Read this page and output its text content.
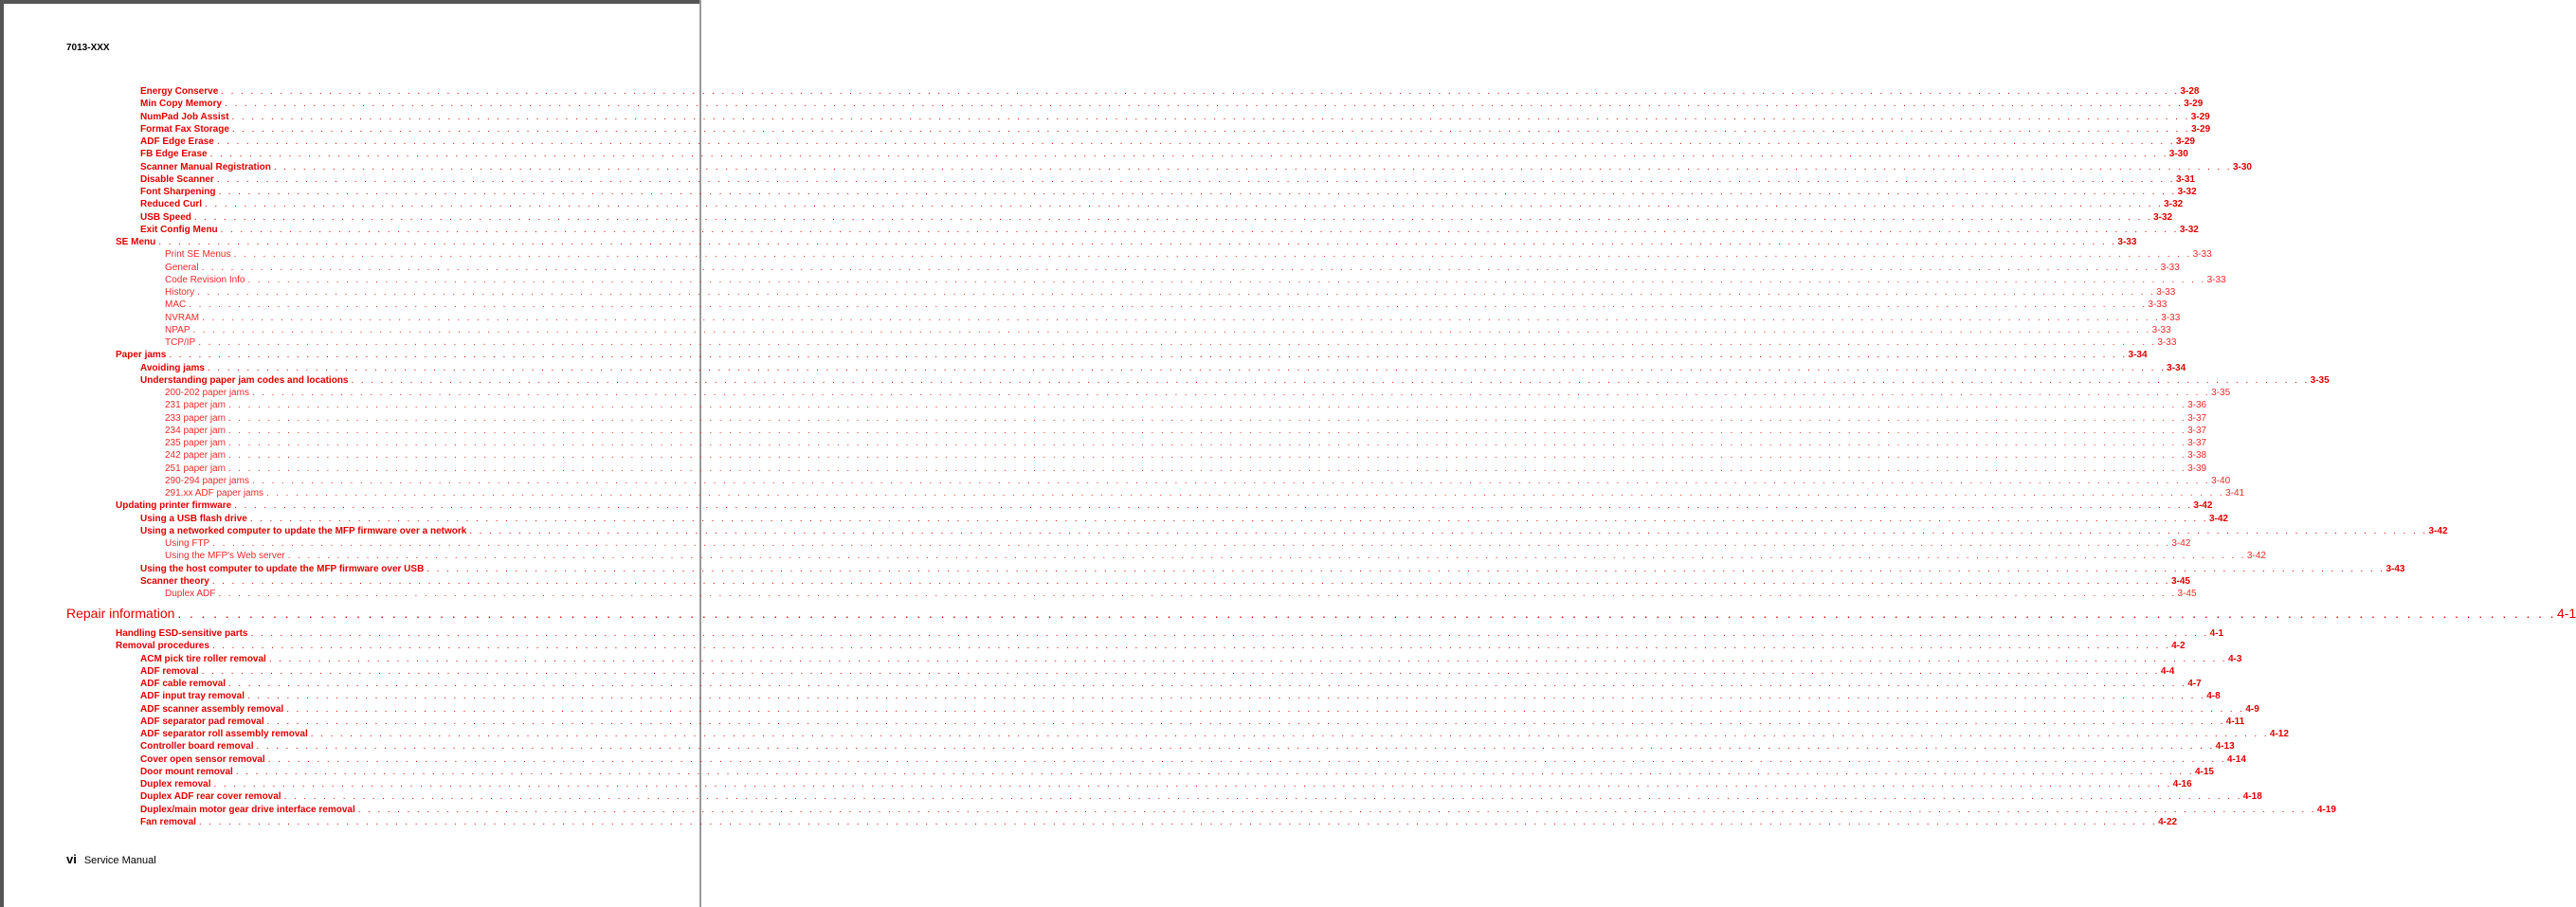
7013-XXX
Energy Conserve . . . . . . . . . . . . . . . . . . . . . . . . . . . . . . . . . . . . . . . . . . . . . . . . . . . . . . . . . . . . . . . . . . . . . . . . . . . . . . . . . . . . . . . . . . . . . . . . . . . . . . . . . . . . . . . . . . . . . . . . . . . . . . . . . . . . . . . . . . . . . . . . . . . . . . . . . . . . . . . . . . . . . . . . . . . . . . . . . . . . . . . . . . . . . . . . . . . . . . . . 3-28
Min Copy Memory . . . . . . . . . . . . . . . . . . . . . . . . . . . . . . . . . . . . . . . . . . . . . . . . . . . . . . . . . . . . . . . . . . . . . . . . . . . . . . . . . . . . . . . . . . . . . . . . . . . . . . . . . . . . . . . . . . . . . . . . . . . . . . . . . . . . . . . . . . . . . . . . . . . . . . . . . . . . . . . . . . . . . . . . . . . . . . . . . . . . . . . . . . . . . . . . . . . . . . . . 3-29
NumPad Job Assist . . . . . . . . . . . . . . . . . . . . . . . . . . . . . . . . . . . . . . . . . . . . . . . . . . . . . . . . . . . . . . . . . . . . . . . . . . . . . . . . . . . . . . . . . . . . . . . . . . . . . . . . . . . . . . . . . . . . . . . . . . . . . . . . . . . . . . . . . . . . . . . . . . . . . . . . . . . . . . . . . . . . . . . . . . . . . . . . . . . . . . . . . . . . . . . . . . . . . . . . 3-29
Format Fax Storage . . . . . . . . . . . . . . . . . . . . . . . . . . . . . . . . . . . . . . . . . . . . . . . . . . . . . . . . . . . . . . . . . . . . . . . . . . . . . . . . . . . . . . . . . . . . . . . . . . . . . . . . . . . . . . . . . . . . . . . . . . . . . . . . . . . . . . . . . . . . . . . . . . . . . . . . . . . . . . . . . . . . . . . . . . . . . . . . . . . . . . . . . . . . . . . . . . . . . . . . 3-29
ADF Edge Erase . . . . . . . . . . . . . . . . . . . . . . . . . . . . . . . . . . . . . . . . . . . . . . . . . . . . . . . . . . . . . . . . . . . . . . . . . . . . . . . . . . . . . . . . . . . . . . . . . . . . . . . . . . . . . . . . . . . . . . . . . . . . . . . . . . . . . . . . . . . . . . . . . . . . . . . . . . . . . . . . . . . . . . . . . . . . . . . . . . . . . . . . . . . . . . . . . . . . . . . . 3-29
FB Edge Erase . . . . . . . . . . . . . . . . . . . . . . . . . . . . . . . . . . . . . . . . . . . . . . . . . . . . . . . . . . . . . . . . . . . . . . . . . . . . . . . . . . . . . . . . . . . . . . . . . . . . . . . . . . . . . . . . . . . . . . . . . . . . . . . . . . . . . . . . . . . . . . . . . . . . . . . . . . . . . . . . . . . . . . . . . . . . . . . . . . . . . . . . . . . . . . . . . . . . . . . . 3-30
Scanner Manual Registration . . . . . . . . . . . . . . . . . . . . . . . . . . . . . . . . . . . . . . . . . . . . . . . . . . . . . . . . . . . . . . . . . . . . . . . . . . . . . . . . . . . . . . . . . . . . . . . . . . . . . . . . . . . . . . . . . . . . . . . . . . . . . . . . . . . . . . . . . . . . . . . . . . . . . . . . . . . . . . . . . . . . . . . . . . . . . . . . . . . . . . . . . . . . . . . . . . . . . . . . 3-30
Disable Scanner . . . . . . . . . . . . . . . . . . . . . . . . . . . . . . . . . . . . . . . . . . . . . . . . . . . . . . . . . . . . . . . . . . . . . . . . . . . . . . . . . . . . . . . . . . . . . . . . . . . . . . . . . . . . . . . . . . . . . . . . . . . . . . . . . . . . . . . . . . . . . . . . . . . . . . . . . . . . . . . . . . . . . . . . . . . . . . . . . . . . . . . . . . . . . . . . . . . . . . . . 3-31
Font Sharpening . . . . . . . . . . . . . . . . . . . . . . . . . . . . . . . . . . . . . . . . . . . . . . . . . . . . . . . . . . . . . . . . . . . . . . . . . . . . . . . . . . . . . . . . . . . . . . . . . . . . . . . . . . . . . . . . . . . . . . . . . . . . . . . . . . . . . . . . . . . . . . . . . . . . . . . . . . . . . . . . . . . . . . . . . . . . . . . . . . . . . . . . . . . . . . . . . . . . . . . . 3-32
Reduced Curl . . . . . . . . . . . . . . . . . . . . . . . . . . . . . . . . . . . . . . . . . . . . . . . . . . . . . . . . . . . . . . . . . . . . . . . . . . . . . . . . . . . . . . . . . . . . . . . . . . . . . . . . . . . . . . . . . . . . . . . . . . . . . . . . . . . . . . . . . . . . . . . . . . . . . . . . . . . . . . . . . . . . . . . . . . . . . . . . . . . . . . . . . . . . . . . . . . . . . . . . 3-32
USB Speed . . . . . . . . . . . . . . . . . . . . . . . . . . . . . . . . . . . . . . . . . . . . . . . . . . . . . . . . . . . . . . . . . . . . . . . . . . . . . . . . . . . . . . . . . . . . . . . . . . . . . . . . . . . . . . . . . . . . . . . . . . . . . . . . . . . . . . . . . . . . . . . . . . . . . . . . . . . . . . . . . . . . . . . . . . . . . . . . . . . . . . . . . . . . . . . . . . . . . . . . 3-32
Exit Config Menu . . . . . . . . . . . . . . . . . . . . . . . . . . . . . . . . . . . . . . . . . . . . . . . . . . . . . . . . . . . . . . . . . . . . . . . . . . . . . . . . . . . . . . . . . . . . . . . . . . . . . . . . . . . . . . . . . . . . . . . . . . . . . . . . . . . . . . . . . . . . . . . . . . . . . . . . . . . . . . . . . . . . . . . . . . . . . . . . . . . . . . . . . . . . . . . . . . . . . . . . 3-32
SE Menu . . . . . . . . . . . . . . . . . . . . . . . . . . . . . . . . . . . . . . . . . . . . . . . . . . . . . . . . . . . . . . . . . . . . . . . . . . . . . . . . . . . . . . . . . . . . . . . . . . . . . . . . . . . . . . . . . . . . . . . . . . . . . . . . . . . . . . . . . . . . . . . . . . . . . . . . . . . . . . . . . . . . . . . . . . . . . . . . . . . . . . . . . . . . . . . . . . . . . . . . 3-33
Print SE Menus . . . . . . . . . . . . . . . . . . . . . . . . . . . . . . . . . . . . . . . . . . . . . . . . . . . . . . . . . . . . . . . . . . . . . . . . . . . . . . . . . . . . . . . . . . . . . . . . . . . . . . . . . . . . . . . . . . . . . . . . . . . . . . . . . . . . . . . . . . . . . . . . . . . . . . . . . . . . . . . . . . . . . . . . . . . . . . . . . . . . . . . . . . . . . . . . . . . . . . . . 3-33
General . . . . . . . . . . . . . . . . . . . . . . . . . . . . . . . . . . . . . . . . . . . . . . . . . . . . . . . . . . . . . . . . . . . . . . . . . . . . . . . . . . . . . . . . . . . . . . . . . . . . . . . . . . . . . . . . . . . . . . . . . . . . . . . . . . . . . . . . . . . . . . . . . . . . . . . . . . . . . . . . . . . . . . . . . . . . . . . . . . . . . . . . . . . . . . . . . . . . . . . . 3-33
Code Revision Info . . . . . . . . . . . . . . . . . . . . . . . . . . . . . . . . . . . . . . . . . . . . . . . . . . . . . . . . . . . . . . . . . . . . . . . . . . . . . . . . . . . . . . . . . . . . . . . . . . . . . . . . . . . . . . . . . . . . . . . . . . . . . . . . . . . . . . . . . . . . . . . . . . . . . . . . . . . . . . . . . . . . . . . . . . . . . . . . . . . . . . . . . . . . . . . . . . . . . . . . 3-33
History . . . . . . . . . . . . . . . . . . . . . . . . . . . . . . . . . . . . . . . . . . . . . . . . . . . . . . . . . . . . . . . . . . . . . . . . . . . . . . . . . . . . . . . . . . . . . . . . . . . . . . . . . . . . . . . . . . . . . . . . . . . . . . . . . . . . . . . . . . . . . . . . . . . . . . . . . . . . . . . . . . . . . . . . . . . . . . . . . . . . . . . . . . . . . . . . . . . . . . . . 3-33
MAC . . . . . . . . . . . . . . . . . . . . . . . . . . . . . . . . . . . . . . . . . . . . . . . . . . . . . . . . . . . . . . . . . . . . . . . . . . . . . . . . . . . . . . . . . . . . . . . . . . . . . . . . . . . . . . . . . . . . . . . . . . . . . . . . . . . . . . . . . . . . . . . . . . . . . . . . . . . . . . . . . . . . . . . . . . . . . . . . . . . . . . . . . . . . . . . . . . . . . . . . 3-33
NVRAM . . . . . . . . . . . . . . . . . . . . . . . . . . . . . . . . . . . . . . . . . . . . . . . . . . . . . . . . . . . . . . . . . . . . . . . . . . . . . . . . . . . . . . . . . . . . . . . . . . . . . . . . . . . . . . . . . . . . . . . . . . . . . . . . . . . . . . . . . . . . . . . . . . . . . . . . . . . . . . . . . . . . . . . . . . . . . . . . . . . . . . . . . . . . . . . . . . . . . . . . 3-33
NPAP . . . . . . . . . . . . . . . . . . . . . . . . . . . . . . . . . . . . . . . . . . . . . . . . . . . . . . . . . . . . . . . . . . . . . . . . . . . . . . . . . . . . . . . . . . . . . . . . . . . . . . . . . . . . . . . . . . . . . . . . . . . . . . . . . . . . . . . . . . . . . . . . . . . . . . . . . . . . . . . . . . . . . . . . . . . . . . . . . . . . . . . . . . . . . . . . . . . . . . . . 3-33
TCP/IP . . . . . . . . . . . . . . . . . . . . . . . . . . . . . . . . . . . . . . . . . . . . . . . . . . . . . . . . . . . . . . . . . . . . . . . . . . . . . . . . . . . . . . . . . . . . . . . . . . . . . . . . . . . . . . . . . . . . . . . . . . . . . . . . . . . . . . . . . . . . . . . . . . . . . . . . . . . . . . . . . . . . . . . . . . . . . . . . . . . . . . . . . . . . . . . . . . . . . . . . 3-33
Paper jams . . . . . . . . . . . . . . . . . . . . . . . . . . . . . . . . . . . . . . . . . . . . . . . . . . . . . . . . . . . . . . . . . . . . . . . . . . . . . . . . . . . . . . . . . . . . . . . . . . . . . . . . . . . . . . . . . . . . . . . . . . . . . . . . . . . . . . . . . . . . . . . . . . . . . . . . . . . . . . . . . . . . . . . . . . . . . . . . . . . . . . . . . . . . . . . . . . . . . . . . 3-34
Avoiding jams . . . . . . . . . . . . . . . . . . . . . . . . . . . . . . . . . . . . . . . . . . . . . . . . . . . . . . . . . . . . . . . . . . . . . . . . . . . . . . . . . . . . . . . . . . . . . . . . . . . . . . . . . . . . . . . . . . . . . . . . . . . . . . . . . . . . . . . . . . . . . . . . . . . . . . . . . . . . . . . . . . . . . . . . . . . . . . . . . . . . . . . . . . . . . . . . . . . . . . . . 3-34
Understanding paper jam codes and locations . . . . . . . . . . . . . . . . . . . . . . . . . . . . . . . . . . . . . . . . . . . . . . . . . . . . . . . . . . . . . . . . . . . . . . . . . . . . . . . . . . . . . . . . . . . . . . . . . . . . . . . . . . . . . . . . . . . . . . . . . . . . . . . . . . . . . . . . . . . . . . . . . . . . . . . . . . . . . . . . . . . . . . . . . . . . . . . . . . . . . . . . . . . . . . . . . . . . . . . . 3-35
200-202 paper jams . . . . . . . . . . . . . . . . . . . . . . . . . . . . . . . . . . . . . . . . . . . . . . . . . . . . . . . . . . . . . . . . . . . . . . . . . . . . . . . . . . . . . . . . . . . . . . . . . . . . . . . . . . . . . . . . . . . . . . . . . . . . . . . . . . . . . . . . . . . . . . . . . . . . . . . . . . . . . . . . . . . . . . . . . . . . . . . . . . . . . . . . . . . . . . . . . . . . . . . . 3-35
231 paper jam . . . . . . . . . . . . . . . . . . . . . . . . . . . . . . . . . . . . . . . . . . . . . . . . . . . . . . . . . . . . . . . . . . . . . . . . . . . . . . . . . . . . . . . . . . . . . . . . . . . . . . . . . . . . . . . . . . . . . . . . . . . . . . . . . . . . . . . . . . . . . . . . . . . . . . . . . . . . . . . . . . . . . . . . . . . . . . . . . . . . . . . . . . . . . . . . . . . . . . . . 3-36
233 paper jam . . . . . . . . . . . . . . . . . . . . . . . . . . . . . . . . . . . . . . . . . . . . . . . . . . . . . . . . . . . . . . . . . . . . . . . . . . . . . . . . . . . . . . . . . . . . . . . . . . . . . . . . . . . . . . . . . . . . . . . . . . . . . . . . . . . . . . . . . . . . . . . . . . . . . . . . . . . . . . . . . . . . . . . . . . . . . . . . . . . . . . . . . . . . . . . . . . . . . . . . 3-37
234 paper jam . . . . . . . . . . . . . . . . . . . . . . . . . . . . . . . . . . . . . . . . . . . . . . . . . . . . . . . . . . . . . . . . . . . . . . . . . . . . . . . . . . . . . . . . . . . . . . . . . . . . . . . . . . . . . . . . . . . . . . . . . . . . . . . . . . . . . . . . . . . . . . . . . . . . . . . . . . . . . . . . . . . . . . . . . . . . . . . . . . . . . . . . . . . . . . . . . . . . . . . . 3-37
235 paper jam . . . . . . . . . . . . . . . . . . . . . . . . . . . . . . . . . . . . . . . . . . . . . . . . . . . . . . . . . . . . . . . . . . . . . . . . . . . . . . . . . . . . . . . . . . . . . . . . . . . . . . . . . . . . . . . . . . . . . . . . . . . . . . . . . . . . . . . . . . . . . . . . . . . . . . . . . . . . . . . . . . . . . . . . . . . . . . . . . . . . . . . . . . . . . . . . . . . . . . . . 3-37
242 paper jam . . . . . . . . . . . . . . . . . . . . . . . . . . . . . . . . . . . . . . . . . . . . . . . . . . . . . . . . . . . . . . . . . . . . . . . . . . . . . . . . . . . . . . . . . . . . . . . . . . . . . . . . . . . . . . . . . . . . . . . . . . . . . . . . . . . . . . . . . . . . . . . . . . . . . . . . . . . . . . . . . . . . . . . . . . . . . . . . . . . . . . . . . . . . . . . . . . . . . . . . 3-38
251 paper jam . . . . . . . . . . . . . . . . . . . . . . . . . . . . . . . . . . . . . . . . . . . . . . . . . . . . . . . . . . . . . . . . . . . . . . . . . . . . . . . . . . . . . . . . . . . . . . . . . . . . . . . . . . . . . . . . . . . . . . . . . . . . . . . . . . . . . . . . . . . . . . . . . . . . . . . . . . . . . . . . . . . . . . . . . . . . . . . . . . . . . . . . . . . . . . . . . . . . . . . . 3-39
290-294 paper jams . . . . . . . . . . . . . . . . . . . . . . . . . . . . . . . . . . . . . . . . . . . . . . . . . . . . . . . . . . . . . . . . . . . . . . . . . . . . . . . . . . . . . . . . . . . . . . . . . . . . . . . . . . . . . . . . . . . . . . . . . . . . . . . . . . . . . . . . . . . . . . . . . . . . . . . . . . . . . . . . . . . . . . . . . . . . . . . . . . . . . . . . . . . . . . . . . . . . . . . . 3-40
291.xx ADF paper jams . . . . . . . . . . . . . . . . . . . . . . . . . . . . . . . . . . . . . . . . . . . . . . . . . . . . . . . . . . . . . . . . . . . . . . . . . . . . . . . . . . . . . . . . . . . . . . . . . . . . . . . . . . . . . . . . . . . . . . . . . . . . . . . . . . . . . . . . . . . . . . . . . . . . . . . . . . . . . . . . . . . . . . . . . . . . . . . . . . . . . . . . . . . . . . . . . . . . . . . . 3-41
Updating printer firmware . . . . . . . . . . . . . . . . . . . . . . . . . . . . . . . . . . . . . . . . . . . . . . . . . . . . . . . . . . . . . . . . . . . . . . . . . . . . . . . . . . . . . . . . . . . . . . . . . . . . . . . . . . . . . . . . . . . . . . . . . . . . . . . . . . . . . . . . . . . . . . . . . . . . . . . . . . . . . . . . . . . . . . . . . . . . . . . . . . . . . . . . . . . . . . . . . . . . . . . . 3-42
Using a USB flash drive . . . . . . . . . . . . . . . . . . . . . . . . . . . . . . . . . . . . . . . . . . . . . . . . . . . . . . . . . . . . . . . . . . . . . . . . . . . . . . . . . . . . . . . . . . . . . . . . . . . . . . . . . . . . . . . . . . . . . . . . . . . . . . . . . . . . . . . . . . . . . . . . . . . . . . . . . . . . . . . . . . . . . . . . . . . . . . . . . . . . . . . . . . . . . . . . . . . . . . . . 3-42
Using a networked computer to update the MFP firmware over a network . . . . . . . . . . . . . . . . . . . . . . . . . . . . . . . . . . . . . . . . . . . . . . . . . . . . . . . . . . . . . . . . . . . . . . . . . . . . . . . . . . . . . . . . . . . . . . . . . . . . . . . . . . . . . . . . . . . . . . . . . . . . . . . . . . . . . . . . . . . . . . . . . . . . . . . . . . . . . . . . . . . . . . . . . . . . . . . . . . . . . . . . . . . . . . . . . . . . . . . . 3-42
Using FTP . . . . . . . . . . . . . . . . . . . . . . . . . . . . . . . . . . . . . . . . . . . . . . . . . . . . . . . . . . . . . . . . . . . . . . . . . . . . . . . . . . . . . . . . . . . . . . . . . . . . . . . . . . . . . . . . . . . . . . . . . . . . . . . . . . . . . . . . . . . . . . . . . . . . . . . . . . . . . . . . . . . . . . . . . . . . . . . . . . . . . . . . . . . . . . . . . . . . . . . . 3-42
Using the MFP's Web server . . . . . . . . . . . . . . . . . . . . . . . . . . . . . . . . . . . . . . . . . . . . . . . . . . . . . . . . . . . . . . . . . . . . . . . . . . . . . . . . . . . . . . . . . . . . . . . . . . . . . . . . . . . . . . . . . . . . . . . . . . . . . . . . . . . . . . . . . . . . . . . . . . . . . . . . . . . . . . . . . . . . . . . . . . . . . . . . . . . . . . . . . . . . . . . . . . . . . . . . 3-42
Using the host computer to update the MFP firmware over USB . . . . . . . . . . . . . . . . . . . . . . . . . . . . . . . . . . . . . . . . . . . . . . . . . . . . . . . . . . . . . . . . . . . . . . . . . . . . . . . . . . . . . . . . . . . . . . . . . . . . . . . . . . . . . . . . . . . . . . . . . . . . . . . . . . . . . . . . . . . . . . . . . . . . . . . . . . . . . . . . . . . . . . . . . . . . . . . . . . . . . . . . . . . . . . . . . . . . . . . . 3-43
Scanner theory . . . . . . . . . . . . . . . . . . . . . . . . . . . . . . . . . . . . . . . . . . . . . . . . . . . . . . . . . . . . . . . . . . . . . . . . . . . . . . . . . . . . . . . . . . . . . . . . . . . . . . . . . . . . . . . . . . . . . . . . . . . . . . . . . . . . . . . . . . . . . . . . . . . . . . . . . . . . . . . . . . . . . . . . . . . . . . . . . . . . . . . . . . . . . . . . . . . . . . . . 3-45
Duplex ADF . . . . . . . . . . . . . . . . . . . . . . . . . . . . . . . . . . . . . . . . . . . . . . . . . . . . . . . . . . . . . . . . . . . . . . . . . . . . . . . . . . . . . . . . . . . . . . . . . . . . . . . . . . . . . . . . . . . . . . . . . . . . . . . . . . . . . . . . . . . . . . . . . . . . . . . . . . . . . . . . . . . . . . . . . . . . . . . . . . . . . . . . . . . . . . . . . . . . . . . . 3-45
Repair information . . . . . . . . . . . . . . . . . . . . . . . . . . . . . . . . . . . . . . . . . . . . . . . . . . . . . . . . . . . . . . . . . . . . . . . . . . . . . . . . . . . . . . . . . . . . . . . . . . . . . . . . . . . . . . . . . . . . . . . . . . . . . . . . . . . . . . . . . . . . . . . . . . . . . . . . . . . . . . . . . . . . . . . . . . . . . . . . . . . . . . . . . . . . . . . . . . . . . . . . 4-1
Handling ESD-sensitive parts . . . . . . . . . . . . . . . . . . . . . . . . . . . . . . . . . . . . . . . . . . . . . . . . . . . . . . . . . . . . . . . . . . . . . . . . . . . . . . . . . . . . . . . . . . . . . . . . . . . . . . . . . . . . . . . . . . . . . . . . . . . . . . . . . . . . . . . . . . . . . . . . . . . . . . . . . . . . . . . . . . . . . . . . . . . . . . . . . . . . . . . . . . . . . . . . . . . . . . . . 4-1
Removal procedures . . . . . . . . . . . . . . . . . . . . . . . . . . . . . . . . . . . . . . . . . . . . . . . . . . . . . . . . . . . . . . . . . . . . . . . . . . . . . . . . . . . . . . . . . . . . . . . . . . . . . . . . . . . . . . . . . . . . . . . . . . . . . . . . . . . . . . . . . . . . . . . . . . . . . . . . . . . . . . . . . . . . . . . . . . . . . . . . . . . . . . . . . . . . . . . . . . . . . . . . 4-2
ACM pick tire roller removal . . . . . . . . . . . . . . . . . . . . . . . . . . . . . . . . . . . . . . . . . . . . . . . . . . . . . . . . . . . . . . . . . . . . . . . . . . . . . . . . . . . . . . . . . . . . . . . . . . . . . . . . . . . . . . . . . . . . . . . . . . . . . . . . . . . . . . . . . . . . . . . . . . . . . . . . . . . . . . . . . . . . . . . . . . . . . . . . . . . . . . . . . . . . . . . . . . . . . . . . 4-3
ADF removal . . . . . . . . . . . . . . . . . . . . . . . . . . . . . . . . . . . . . . . . . . . . . . . . . . . . . . . . . . . . . . . . . . . . . . . . . . . . . . . . . . . . . . . . . . . . . . . . . . . . . . . . . . . . . . . . . . . . . . . . . . . . . . . . . . . . . . . . . . . . . . . . . . . . . . . . . . . . . . . . . . . . . . . . . . . . . . . . . . . . . . . . . . . . . . . . . . . . . . . . 4-4
ADF cable removal . . . . . . . . . . . . . . . . . . . . . . . . . . . . . . . . . . . . . . . . . . . . . . . . . . . . . . . . . . . . . . . . . . . . . . . . . . . . . . . . . . . . . . . . . . . . . . . . . . . . . . . . . . . . . . . . . . . . . . . . . . . . . . . . . . . . . . . . . . . . . . . . . . . . . . . . . . . . . . . . . . . . . . . . . . . . . . . . . . . . . . . . . . . . . . . . . . . . . . . . 4-7
ADF input tray removal . . . . . . . . . . . . . . . . . . . . . . . . . . . . . . . . . . . . . . . . . . . . . . . . . . . . . . . . . . . . . . . . . . . . . . . . . . . . . . . . . . . . . . . . . . . . . . . . . . . . . . . . . . . . . . . . . . . . . . . . . . . . . . . . . . . . . . . . . . . . . . . . . . . . . . . . . . . . . . . . . . . . . . . . . . . . . . . . . . . . . . . . . . . . . . . . . . . . . . . . 4-8
ADF scanner assembly removal . . . . . . . . . . . . . . . . . . . . . . . . . . . . . . . . . . . . . . . . . . . . . . . . . . . . . . . . . . . . . . . . . . . . . . . . . . . . . . . . . . . . . . . . . . . . . . . . . . . . . . . . . . . . . . . . . . . . . . . . . . . . . . . . . . . . . . . . . . . . . . . . . . . . . . . . . . . . . . . . . . . . . . . . . . . . . . . . . . . . . . . . . . . . . . . . . . . . . . . . 4-9
ADF separator pad removal . . . . . . . . . . . . . . . . . . . . . . . . . . . . . . . . . . . . . . . . . . . . . . . . . . . . . . . . . . . . . . . . . . . . . . . . . . . . . . . . . . . . . . . . . . . . . . . . . . . . . . . . . . . . . . . . . . . . . . . . . . . . . . . . . . . . . . . . . . . . . . . . . . . . . . . . . . . . . . . . . . . . . . . . . . . . . . . . . . . . . . . . . . . . . . . . . . . . . . . . 4-11
ADF separator roll assembly removal . . . . . . . . . . . . . . . . . . . . . . . . . . . . . . . . . . . . . . . . . . . . . . . . . . . . . . . . . . . . . . . . . . . . . . . . . . . . . . . . . . . . . . . . . . . . . . . . . . . . . . . . . . . . . . . . . . . . . . . . . . . . . . . . . . . . . . . . . . . . . . . . . . . . . . . . . . . . . . . . . . . . . . . . . . . . . . . . . . . . . . . . . . . . . . . . . . . . . . . . 4-12
Controller board removal . . . . . . . . . . . . . . . . . . . . . . . . . . . . . . . . . . . . . . . . . . . . . . . . . . . . . . . . . . . . . . . . . . . . . . . . . . . . . . . . . . . . . . . . . . . . . . . . . . . . . . . . . . . . . . . . . . . . . . . . . . . . . . . . . . . . . . . . . . . . . . . . . . . . . . . . . . . . . . . . . . . . . . . . . . . . . . . . . . . . . . . . . . . . . . . . . . . . . . . . 4-13
Cover open sensor removal . . . . . . . . . . . . . . . . . . . . . . . . . . . . . . . . . . . . . . . . . . . . . . . . . . . . . . . . . . . . . . . . . . . . . . . . . . . . . . . . . . . . . . . . . . . . . . . . . . . . . . . . . . . . . . . . . . . . . . . . . . . . . . . . . . . . . . . . . . . . . . . . . . . . . . . . . . . . . . . . . . . . . . . . . . . . . . . . . . . . . . . . . . . . . . . . . . . . . . . . 4-14
Door mount removal . . . . . . . . . . . . . . . . . . . . . . . . . . . . . . . . . . . . . . . . . . . . . . . . . . . . . . . . . . . . . . . . . . . . . . . . . . . . . . . . . . . . . . . . . . . . . . . . . . . . . . . . . . . . . . . . . . . . . . . . . . . . . . . . . . . . . . . . . . . . . . . . . . . . . . . . . . . . . . . . . . . . . . . . . . . . . . . . . . . . . . . . . . . . . . . . . . . . . . . . 4-15
Duplex removal . . . . . . . . . . . . . . . . . . . . . . . . . . . . . . . . . . . . . . . . . . . . . . . . . . . . . . . . . . . . . . . . . . . . . . . . . . . . . . . . . . . . . . . . . . . . . . . . . . . . . . . . . . . . . . . . . . . . . . . . . . . . . . . . . . . . . . . . . . . . . . . . . . . . . . . . . . . . . . . . . . . . . . . . . . . . . . . . . . . . . . . . . . . . . . . . . . . . . . . . 4-16
Duplex ADF rear cover removal . . . . . . . . . . . . . . . . . . . . . . . . . . . . . . . . . . . . . . . . . . . . . . . . . . . . . . . . . . . . . . . . . . . . . . . . . . . . . . . . . . . . . . . . . . . . . . . . . . . . . . . . . . . . . . . . . . . . . . . . . . . . . . . . . . . . . . . . . . . . . . . . . . . . . . . . . . . . . . . . . . . . . . . . . . . . . . . . . . . . . . . . . . . . . . . . . . . . . . . . 4-18
Duplex/main motor gear drive interface removal . . . . . . . . . . . . . . . . . . . . . . . . . . . . . . . . . . . . . . . . . . . . . . . . . . . . . . . . . . . . . . . . . . . . . . . . . . . . . . . . . . . . . . . . . . . . . . . . . . . . . . . . . . . . . . . . . . . . . . . . . . . . . . . . . . . . . . . . . . . . . . . . . . . . . . . . . . . . . . . . . . . . . . . . . . . . . . . . . . . . . . . . . . . . . . . . . . . . . . . . 4-19
Fan removal . . . . . . . . . . . . . . . . . . . . . . . . . . . . . . . . . . . . . . . . . . . . . . . . . . . . . . . . . . . . . . . . . . . . . . . . . . . . . . . . . . . . . . . . . . . . . . . . . . . . . . . . . . . . . . . . . . . . . . . . . . . . . . . . . . . . . . . . . . . . . . . . . . . . . . . . . . . . . . . . . . . . . . . . . . . . . . . . . . . . . . . . . . . . . . . . . . . . . . . . 4-22
vi Service Manual
